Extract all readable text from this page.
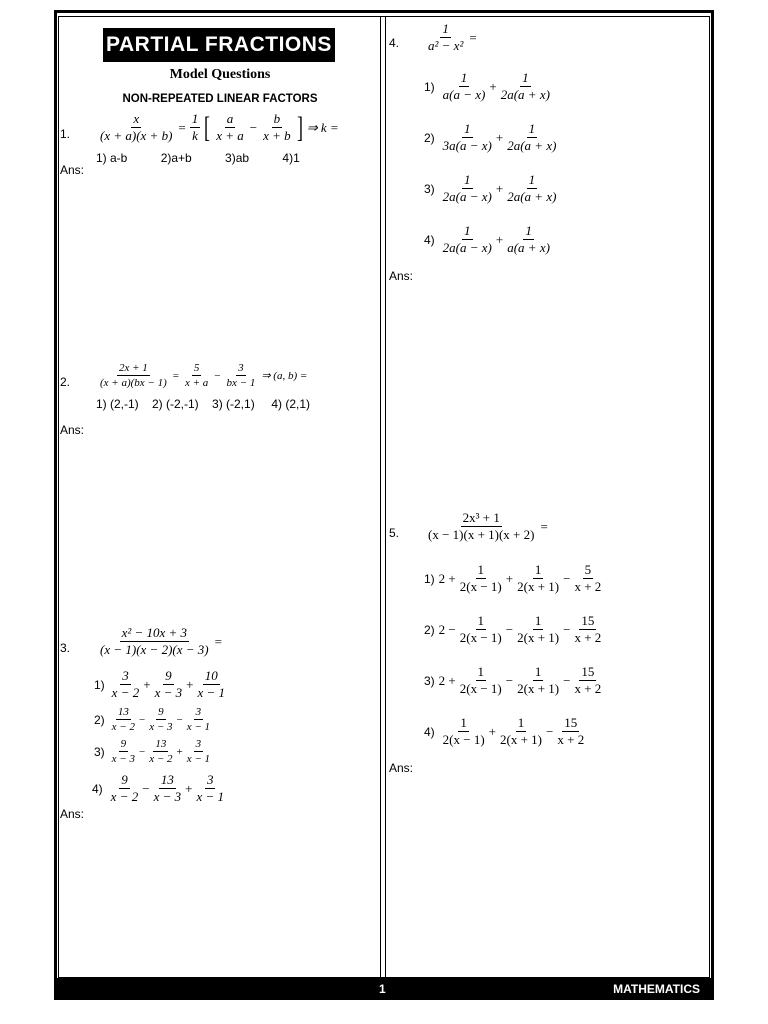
PARTIAL FRACTIONS
Model Questions
NON-REPEATED LINEAR FACTORS
1. $\frac{x}{(x + a)(x + b)} = \frac{1}{k}$ [ a
x + a
− $\frac{b}{x + b}$ ] ⇒ k =
1) a-b          2)a+b          3)ab          4)1
Ans:
2.	$\frac{2x + 1}{(x + a)(bx - 1)} = \frac{5}{x + a} - \frac{3}{bx - 1}$ ⇒ (a, b) =
1) (2,-1)    2) (-2,-1)    3) (-2,1)     4) (2,1)
Ans:
3. $\frac{\text{x² − 10x + 3}}{(x - 1)(x - 2)(x - 3)}$ =
1)
3
x − 2
+ $\frac{9}{x - 3} + \frac{10}{x - 1}$
2)
13
x − 2
− $\frac{9}{x - 3} - \frac{3}{x - 1}$
3)
9
x − 3
− $\frac{13}{x - 2} + \frac{3}{x - 1}$
4)
9
x − 2
− $\frac{13}{x - 3} + \frac{3}{x - 1}$
Ans:
4. $\frac{1}{\text{a² − x²}}$ =
1)
1
a(a − x)
+ $\frac{1}{2a(a + x)}$
2)
1
3a(a − x)
+ $\frac{1}{2a(a + x)}$
3)
1
2a(a − x)
+ $\frac{1}{2a(a + x)}$
4)
1
2a(a − x)
+ $\frac{1}{a(a + x)}$
Ans:
5. $\frac{\text{2x³ + 1}}{(x - 1)(x + 1)(x + 2)}$ =
1) $2 + \frac{1}{2(x - 1)} + \frac{1}{2(x + 1)} - \frac{5}{x + 2}$
2) $2 - \frac{1}{2(x - 1)} - \frac{1}{2(x + 1)} - \frac{15}{x + 2}$
3) $2 + \frac{1}{2(x - 1)} - \frac{1}{2(x + 1)} - \frac{15}{x + 2}$
4)
1
2(x − 1)
+ $\frac{1}{2(x + 1)} - \frac{15}{x + 2}$
Ans:
1	MATHEMATICS
